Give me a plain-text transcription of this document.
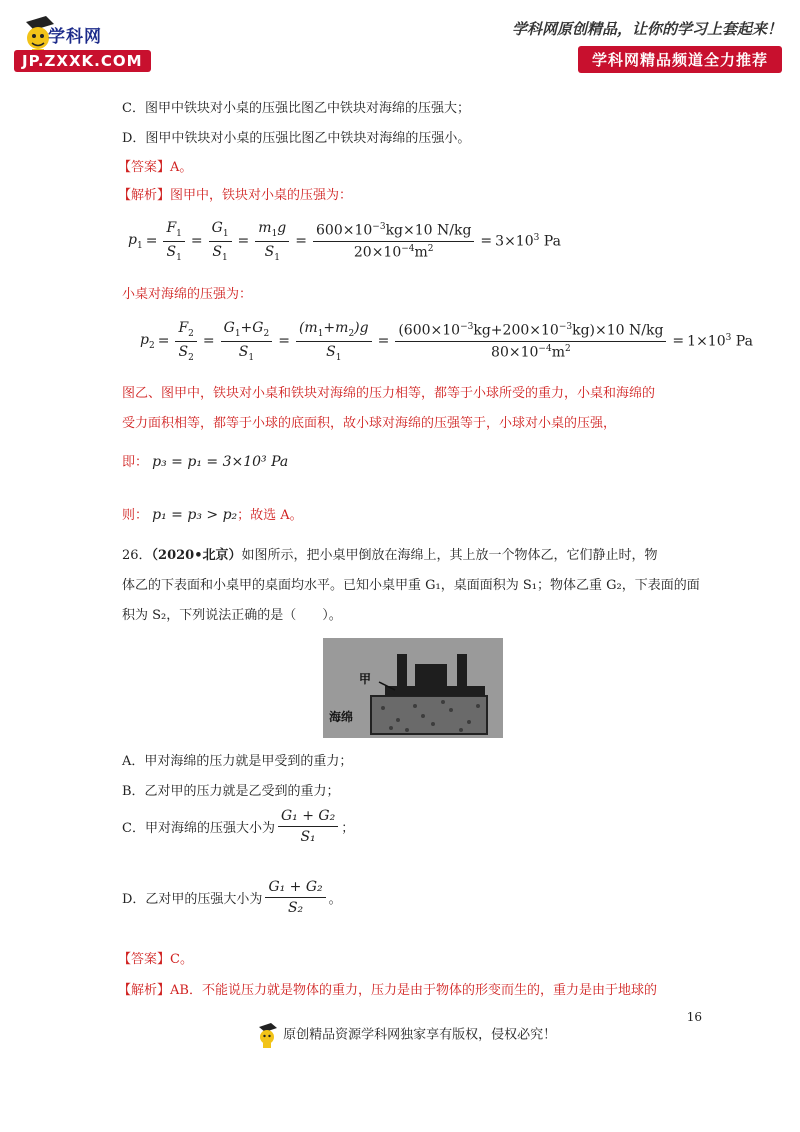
学科网
JP.ZXXK.COM
学科网原创精品，让你的学习上套起来！
学科网精品频道全力推荐
C．图甲中铁块对小桌的压强比图乙中铁块对海绵的压强大；
D．图甲中铁块对小桌的压强比图乙中铁块对海绵的压强小。
【答案】A。
【解析】图甲中，铁块对小桌的压强为：
$p_1 = \frac{F_1}{S_1} = \frac{G_1}{S_1} = \frac{m_1g}{S_1} = \frac{600\times 10^{-3}kg\times 10 N/kg}{20\times 10^{-4}m^2} = 3\times 10^3$ Pa
小桌对海绵的压强为：
$p_2 = \frac{F_2}{S_2} = \frac{G_1+G_2}{S_1} = \frac{(m_1+m_2)g}{S_1} = \frac{(600\times 10^{-3}kg+200\times 10^{-3}kg)\times 10 N/kg}{80\times 10^{-4}m^2} = 1\times 10^3$ Pa
图乙、图甲中，铁块对小桌和铁块对海绵的压力相等，都等于小球所受的重力，小桌和海绵的
受力面积相等，都等于小球的底面积，故小球对海绵的压强等于，小球对小桌的压强，
即： p₃ = p₁ = 3×10³ Pa
则： p₁ = p₃ > p₂；故选 A。
26．（2020•北京）如图所示，把小桌甲倒放在海绵上，其上放一个物体乙，它们静止时，物
体乙的下表面和小桌甲的桌面均水平。已知小桌甲重 G₁，桌面面积为 S₁；物体乙重 G₂，下表面的面
积为 S₂，下列说法正确的是（　　）。
甲
海绵
A．甲对海绵的压力就是甲受到的重力；
B．乙对甲的压力就是乙受到的重力；
C．甲对海绵的压强大小为 $\frac{\text{G₁ + G₂}}{\text{S₁}}$ ；
D．乙对甲的压强大小为 $\frac{\text{G₁ + G₂}}{\text{S₂}}$ 。
【答案】C。
【解析】AB．不能说压力就是物体的重力，压力是由于物体的形变而生的，重力是由于地球的
16
原创精品资源学科网独家享有版权，侵权必究！
